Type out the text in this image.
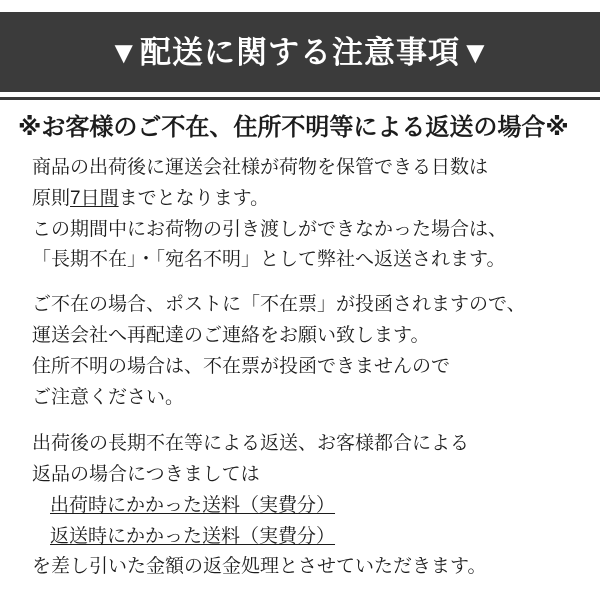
▼配送に関する注意事項▼
※お客様のご不在、住所不明等による返送の場合※
商品の出荷後に運送会社様が荷物を保管できる日数は
原則7日間までとなります。
この期間中にお荷物の引き渡しができなかった場合は、
「長期不在」・「宛名不明」として弊社へ返送されます。
ご不在の場合、ポストに「不在票」が投函されますので、
運送会社へ再配達のご連絡をお願い致します。
住所不明の場合は、不在票が投函できませんので
ご注意ください。
出荷後の長期不在等による返送、お客様都合による
返品の場合につきましては
出荷時にかかった送料（実費分）
返送時にかかった送料（実費分）
を差し引いた金額の返金処理とさせていただきます。
